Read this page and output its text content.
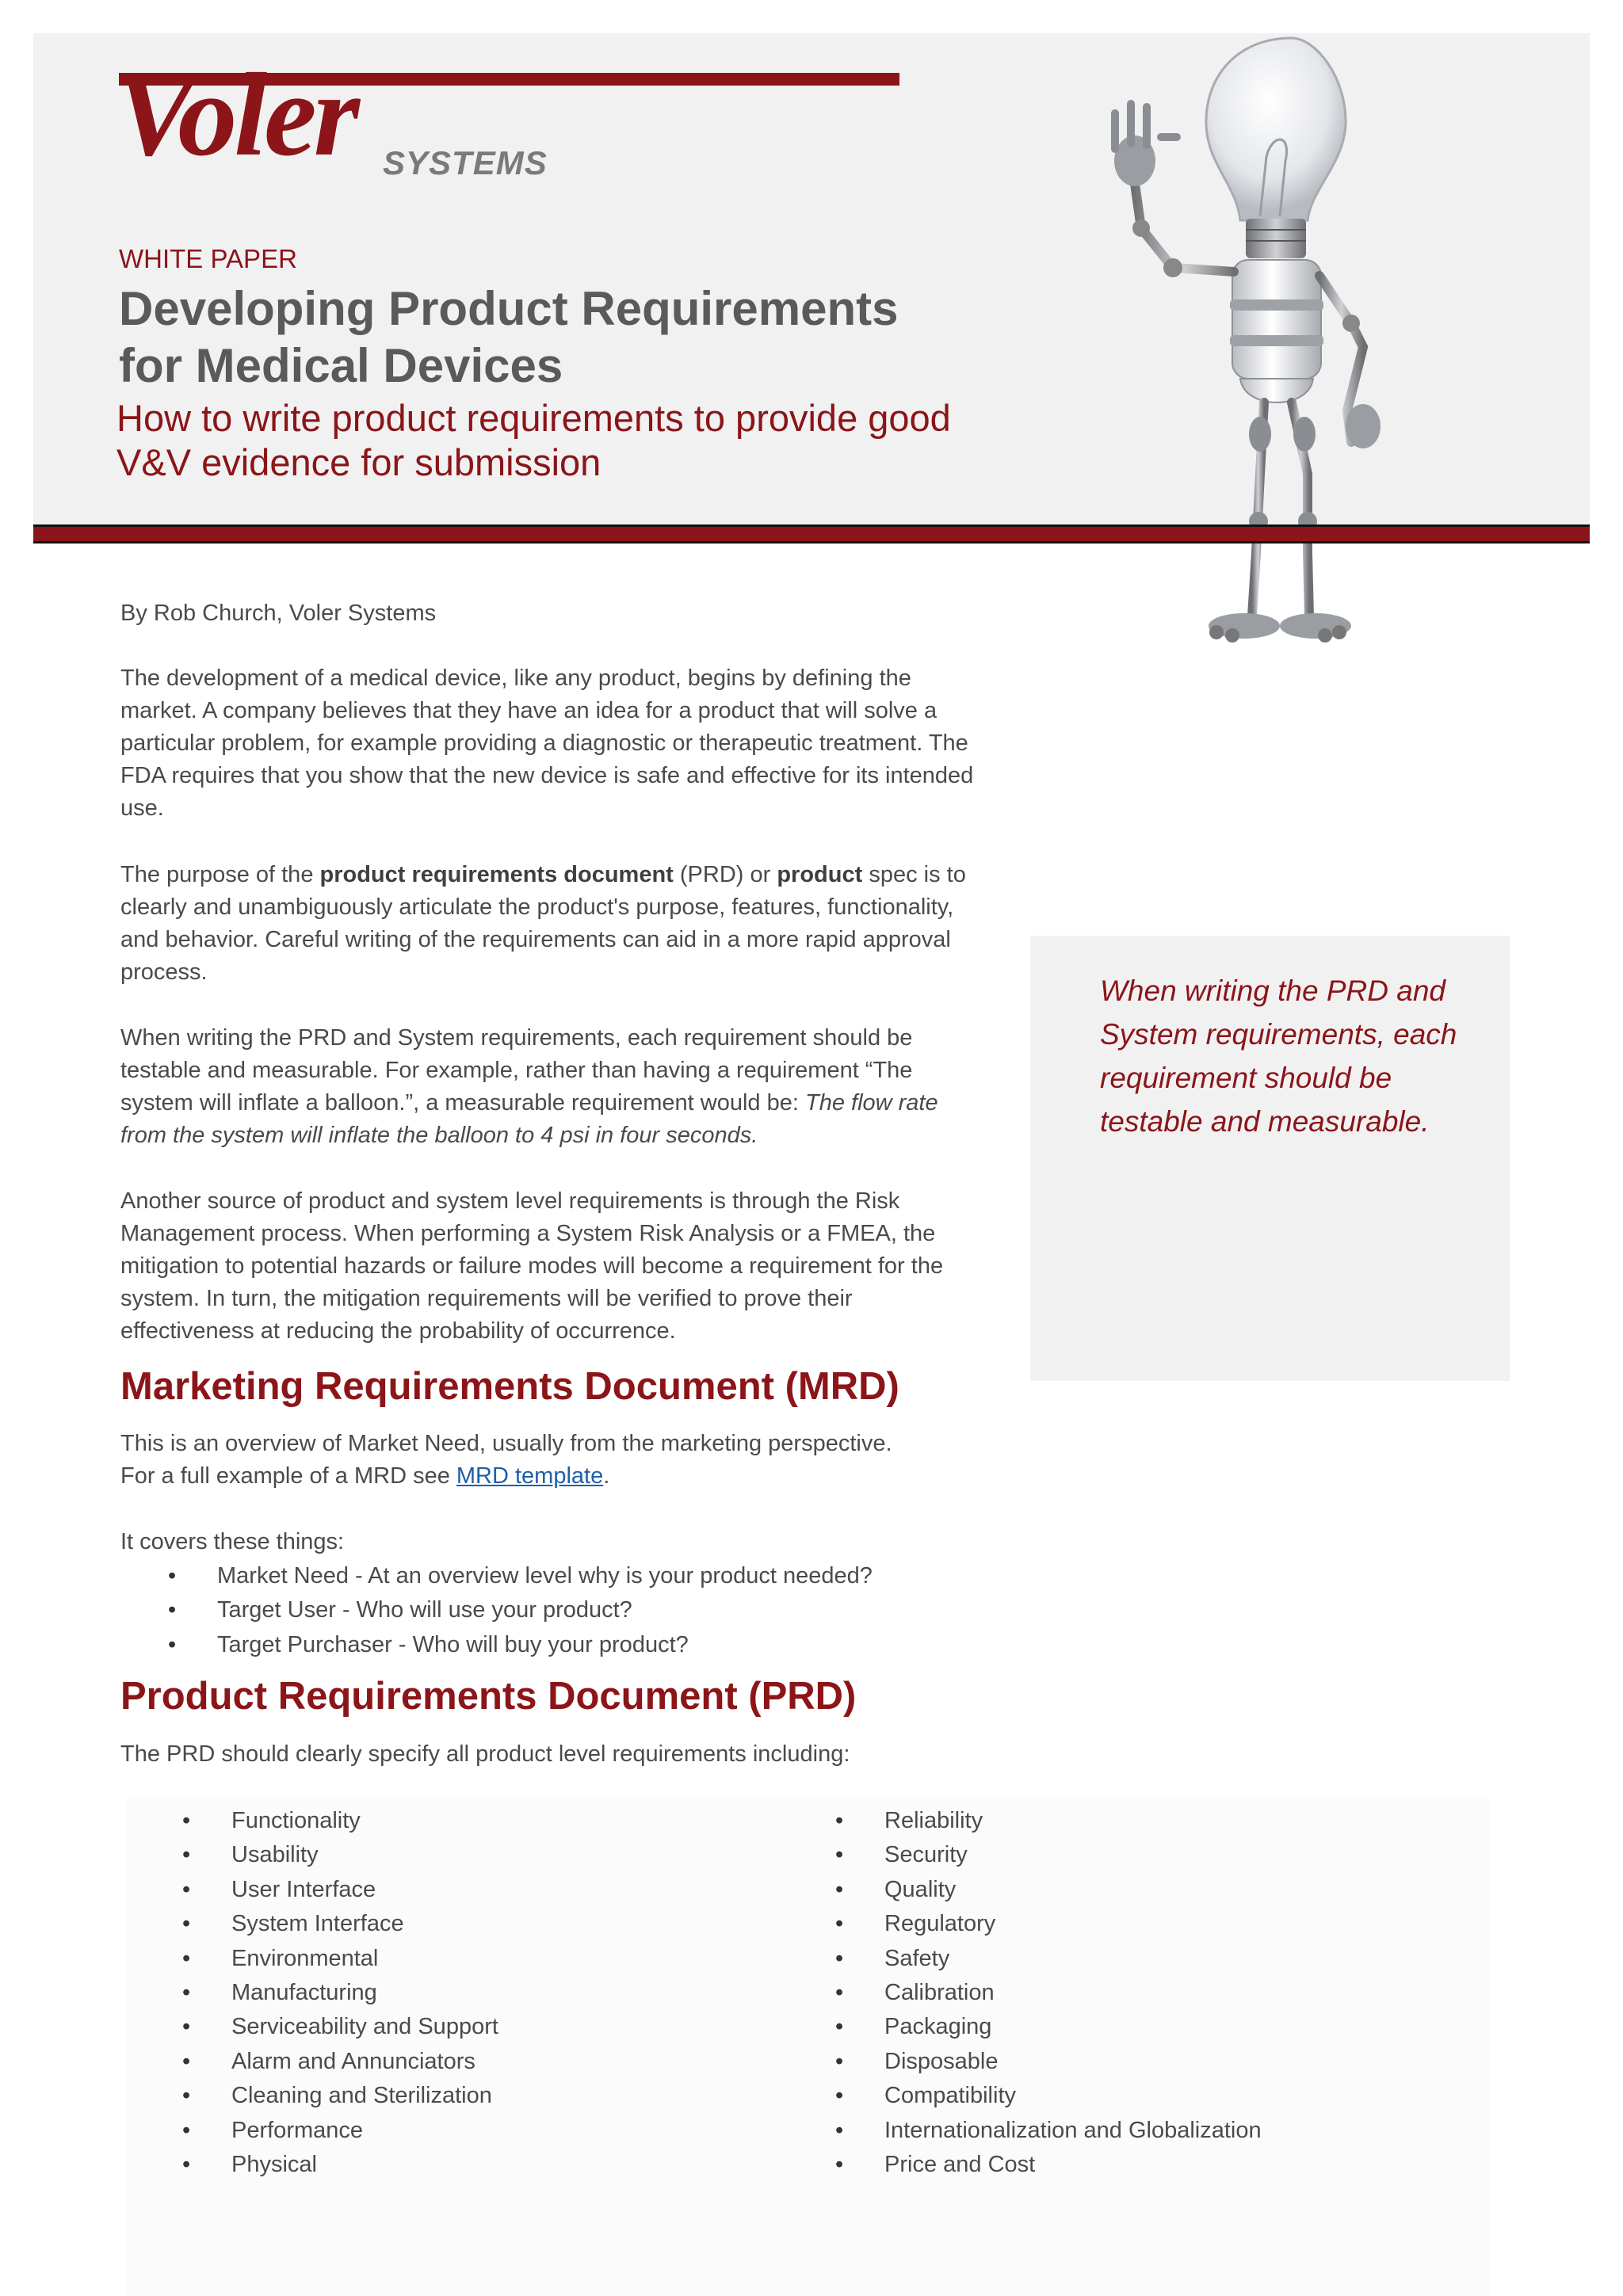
Voler SYSTEMS
WHITE PAPER
Developing Product Requirements
for Medical Devices
How to write product requirements to provide good
V&V evidence for submission
By Rob Church, Voler Systems
The development of a medical device, like any product, begins by defining the market. A company believes that they have an idea for a product that will solve a particular problem, for example providing a diagnostic or therapeutic treatment. The FDA requires that you show that the new device is safe and effective for its intended use.
The purpose of the product requirements document (PRD) or product spec is to clearly and unambiguously articulate the product's purpose, features, functionality, and behavior. Careful writing of the requirements can aid in a more rapid approval process.
When writing the PRD and System requirements, each requirement should be testable and measurable. For example, rather than having a requirement “The system will inflate a balloon.”, a measurable requirement would be: The flow rate from the system will inflate the balloon to 4 psi in four seconds.
Another source of product and system level requirements is through the Risk Management process. When performing a System Risk Analysis or a FMEA, the mitigation to potential hazards or failure modes will become a requirement for the system. In turn, the mitigation requirements will be verified to prove their effectiveness at reducing the probability of occurrence.
When writing the PRD and System requirements, each requirement should be testable and measurable.
Marketing Requirements Document (MRD)
This is an overview of Market Need, usually from the marketing perspective.
For a full example of a MRD see MRD template.
It covers these things:
• Market Need - At an overview level why is your product needed?
• Target User - Who will use your product?
• Target Purchaser - Who will buy your product?
Product Requirements Document (PRD)
The PRD should clearly specify all product level requirements including:
• Functionality
• Usability
• User Interface
• System Interface
• Environmental
• Manufacturing
• Serviceability and Support
• Alarm and Annunciators
• Cleaning and Sterilization
• Performance
• Physical
• Reliability
• Security
• Quality
• Regulatory
• Safety
• Calibration
• Packaging
• Disposable
• Compatibility
• Internationalization and Globalization
• Price and Cost
